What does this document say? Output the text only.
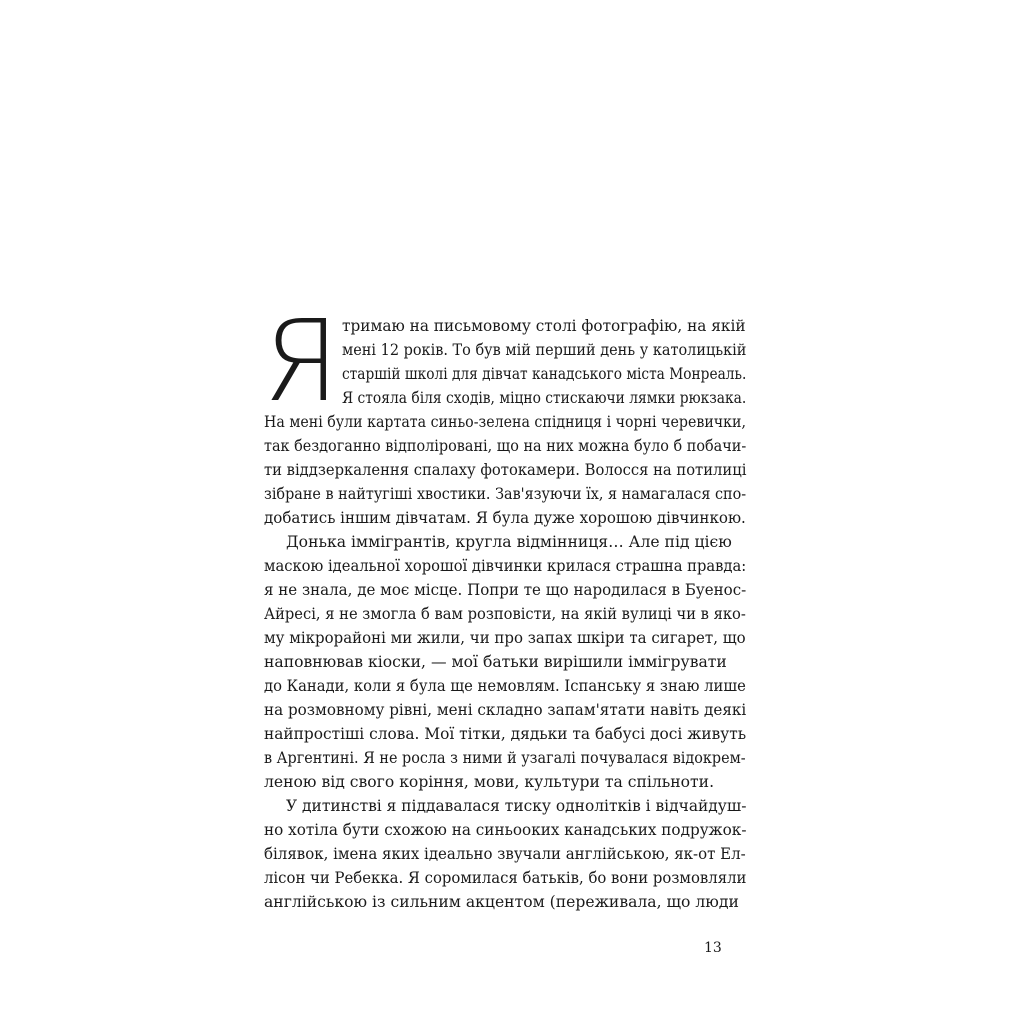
Я тримаю на письмовому столі фотографію, на якій
мені 12 років. То був мій перший день у католицькій
старшій школі для дівчат канадського міста Монреаль.
Я стояла біля сходів, міцно стискаючи лямки рюкзака.
На мені були картата синьо-зелена спідниця і чорні черевички,
так бездоганно відполіровані, що на них можна було б побачи-
ти віддзеркалення спалаху фотокамери. Волосся на потилиці
зібране в найтугіші хвостики. Зав'язуючи їх, я намагалася спо-
добатись іншим дівчатам. Я була дуже хорошою дівчинкою.
Донька іммігрантів, кругла відмінниця… Але під цією
маскою ідеальної хорошої дівчинки крилася страшна правда:
я не знала, де моє місце. Попри те що народилася в Буенос-
Айресі, я не змогла б вам розповісти, на якій вулиці чи в яко-
му мікрорайоні ми жили, чи про запах шкіри та сигарет, що
наповнював кіоски, — мої батьки вирішили іммігрувати
до Канади, коли я була ще немовлям. Іспанську я знаю лише
на розмовному рівні, мені складно запам'ятати навіть деякі
найпростіші слова. Мої тітки, дядьки та бабусі досі живуть
в Аргентині. Я не росла з ними й узагалі почувалася відокрем-
леною від свого коріння, мови, культури та спільноти.
У дитинстві я піддавалася тиску однолітків і відчайдуш-
но хотіла бути схожою на синьооких канадських подружок-
білявок, імена яких ідеально звучали англійською, як-от Ел-
лісон чи Ребекка. Я соромилася батьків, бо вони розмовляли
англійською із сильним акцентом (переживала, що люди
13
